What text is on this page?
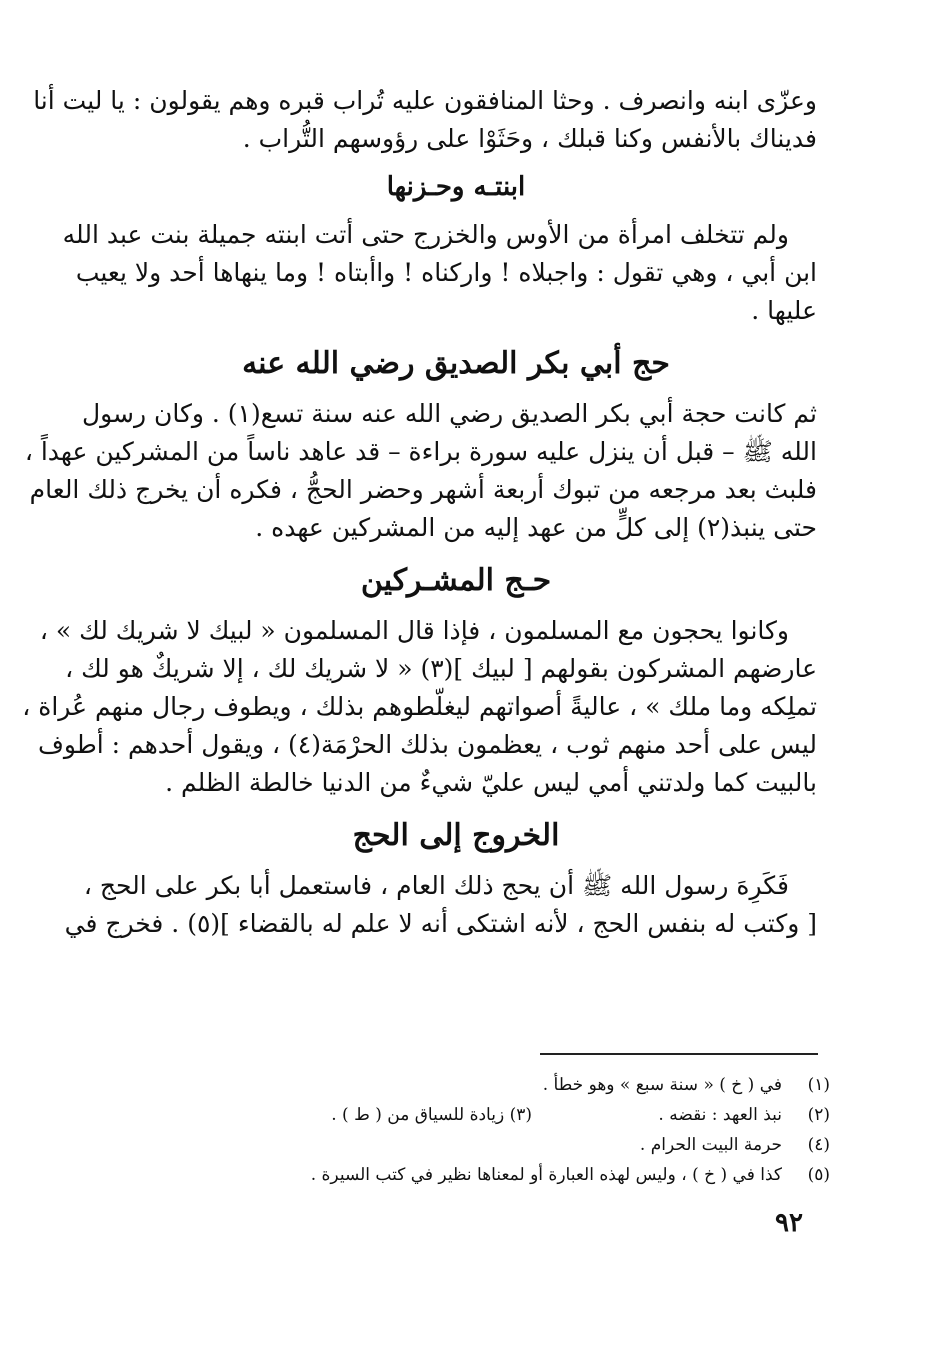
وعزّى ابنه وانصرف . وحثا المنافقون عليه تُراب قبره وهم يقولون : يا ليت أنا
فديناك بالأنفس وكنا قبلك ، وحَثَوْا على رؤوسهم التُّراب .

ابنتـه وحـزنها

ولم تتخلف امرأة من الأوس والخزرج حتى أتت ابنته جميلة بنت عبد الله
ابن أبي ، وهي تقول : واجبلاه ! واركناه ! واأبتاه ! وما ينهاها أحد ولا يعيب
عليها .

حج أبي بكر الصديق رضي الله عنه

ثم كانت حجة أبي بكر الصديق رضي الله عنه سنة تسع(١) . وكان رسول
الله ﷺ – قبل أن ينزل عليه سورة براءة – قد عاهد ناساً من المشركين عهداً ،
فلبث بعد مرجعه من تبوك أربعة أشهر وحضر الحجُّ ، فكره أن يخرج ذلك العام
حتى ينبذ(٢) إلى كلٍّ من عهد إليه من المشركين عهده .

حـج المشـركين

وكانوا يحجون مع المسلمون ، فإذا قال المسلمون « لبيك لا شريك لك » ،
عارضهم المشركون بقولهم [ لبيك ](٣) « لا شريك لك ، إلا شريكٌ هو لك ،
تملِكه وما ملك » ، عاليةً أصواتهم ليغلّطوهم بذلك ، ويطوف رجال منهم عُراة ،
ليس على أحد منهم ثوب ، يعظمون بذلك الحرْمَة(٤) ، ويقول أحدهم : أطوف
بالبيت كما ولدتني أمي ليس عليّ شيءٌ من الدنيا خالطة الظلم .

الخروج إلى الحج

فَكَرِهَ رسول الله ﷺ أن يحج ذلك العام ، فاستعمل أبا بكر على الحج ،
[ وكتب له بنفس الحج ، لأنه اشتكى أنه لا علم له بالقضاء ](٥) . فخرج في

(١)
في ( خ ) « سنة سبع » وهو خطأ .
(٢)
نبذ العهد : نقضه .
(٣) زيادة للسياق من ( ط ) .
(٤)
حرمة البيت الحرام .
(٥)
كذا في ( خ ) ، وليس لهذه العبارة أو لمعناها نظير في كتب السيرة .
٩٢
